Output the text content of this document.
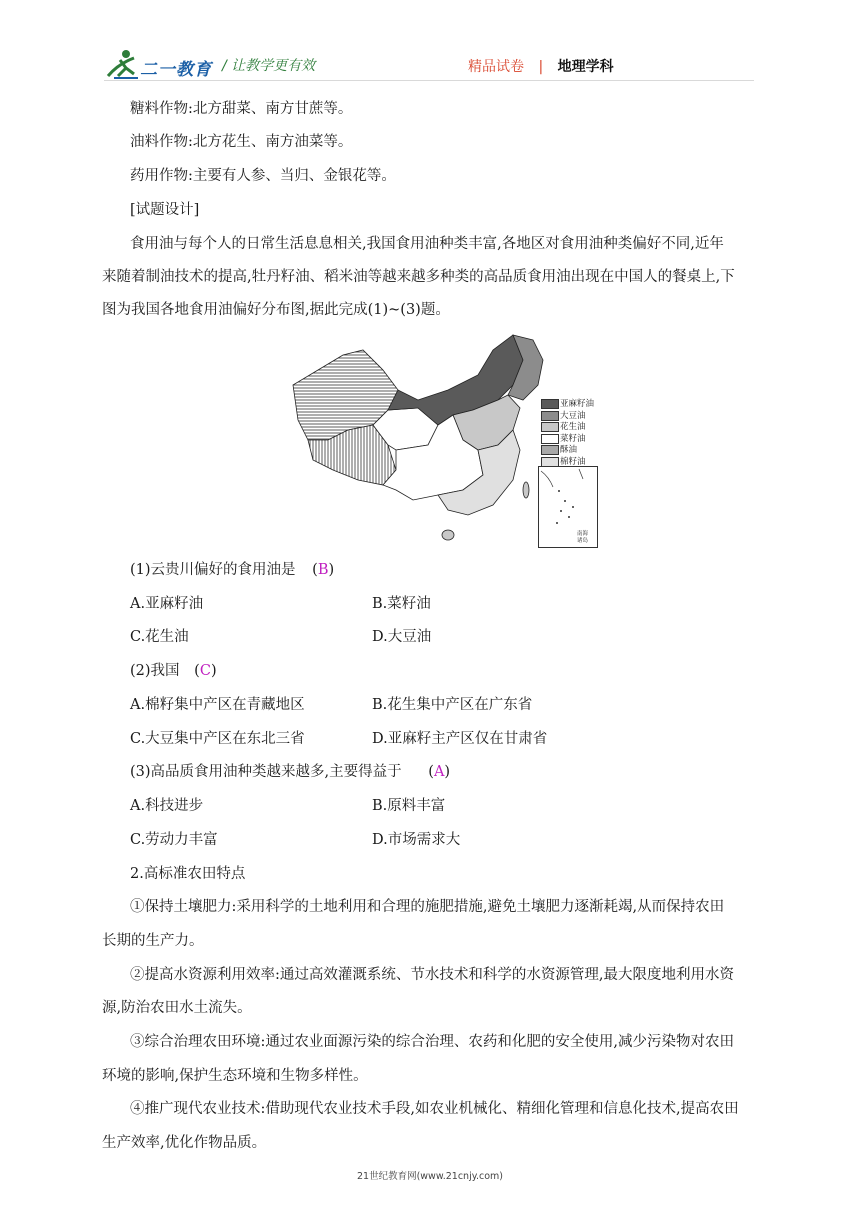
二一教育 / 让教学更有效	精品试卷 | 地理学科
糖料作物:北方甜菜、南方甘蔗等。
油料作物:北方花生、南方油菜等。
药用作物:主要有人参、当归、金银花等。
[试题设计]
食用油与每个人的日常生活息息相关,我国食用油种类丰富,各地区对食用油种类偏好不同,近年
来随着制油技术的提高,牡丹籽油、稻米油等越来越多种类的高品质食用油出现在中国人的餐桌上,下
图为我国各地食用油偏好分布图,据此完成(1)~(3)题。
亚麻籽油
大豆油
花生油
菜籽油
酥油
棉籽油
南海
诸岛
(1)云贵川偏好的食用油是 (B)
A.亚麻籽油	B.菜籽油
C.花生油	D.大豆油
(2)我国 (C)
A.棉籽集中产区在青藏地区	B.花生集中产区在广东省
C.大豆集中产区在东北三省	D.亚麻籽主产区仅在甘肃省
(3)高品质食用油种类越来越多,主要得益于 (A)
A.科技进步	B.原料丰富
C.劳动力丰富	D.市场需求大
2.高标准农田特点
①保持土壤肥力:采用科学的土地利用和合理的施肥措施,避免土壤肥力逐渐耗竭,从而保持农田
长期的生产力。
②提高水资源利用效率:通过高效灌溉系统、节水技术和科学的水资源管理,最大限度地利用水资
源,防治农田水土流失。
③综合治理农田环境:通过农业面源污染的综合治理、农药和化肥的安全使用,减少污染物对农田
环境的影响,保护生态环境和生物多样性。
④推广现代农业技术:借助现代农业技术手段,如农业机械化、精细化管理和信息化技术,提高农田
生产效率,优化作物品质。
21世纪教育网(www.21cnjy.com)
